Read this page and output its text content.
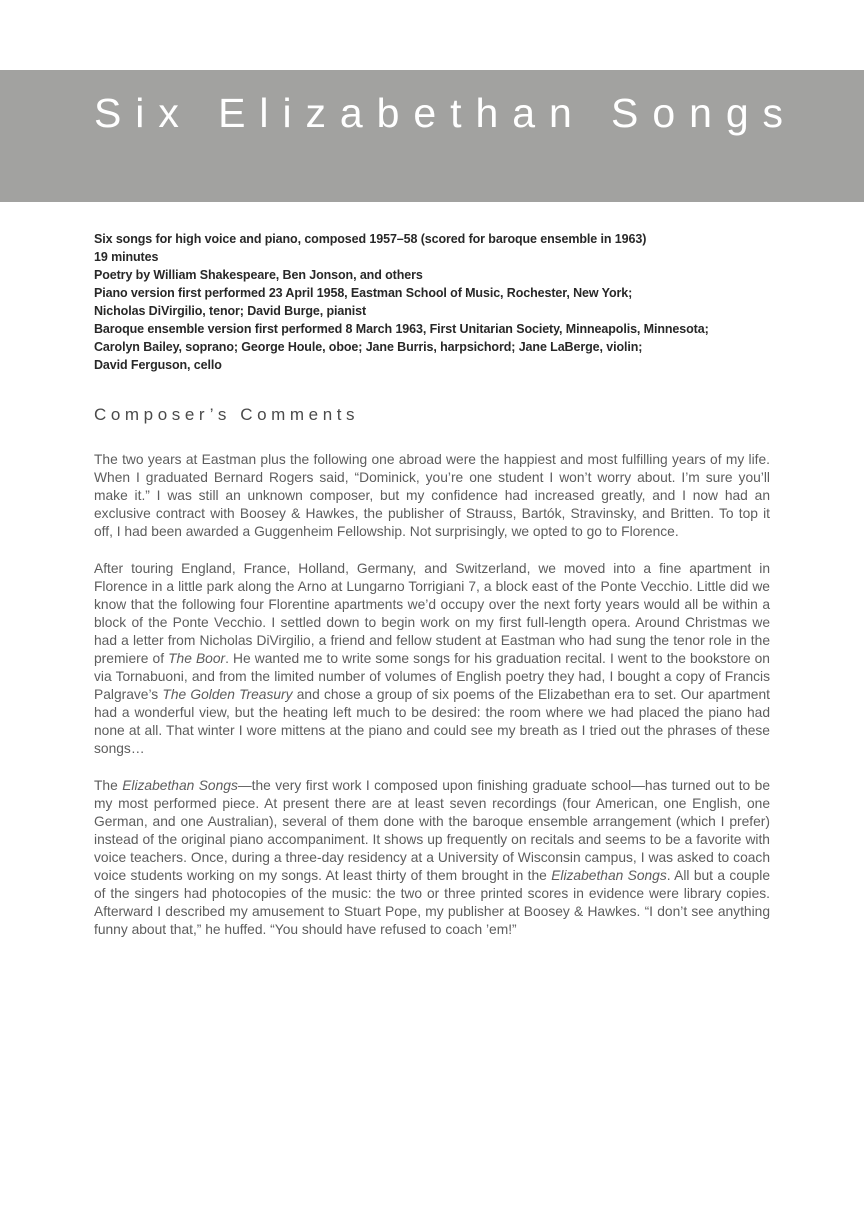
Six Elizabethan Songs
Six songs for high voice and piano, composed 1957–58 (scored for baroque ensemble in 1963)
19 minutes
Poetry by William Shakespeare, Ben Jonson, and others
Piano version first performed 23 April 1958, Eastman School of Music, Rochester, New York;
Nicholas DiVirgilio, tenor; David Burge, pianist
Baroque ensemble version first performed 8 March 1963, First Unitarian Society, Minneapolis, Minnesota;
Carolyn Bailey, soprano; George Houle, oboe; Jane Burris, harpsichord; Jane LaBerge, violin;
David Ferguson, cello
Composer’s Comments

The two years at Eastman plus the following one abroad were the happiest and most fulfilling years of my life. When I graduated Bernard Rogers said, “Dominick, you’re one student I won’t worry about. I’m sure you’ll make it.” I was still an unknown composer, but my confidence had increased greatly, and I now had an exclusive contract with Boosey & Hawkes, the publisher of Strauss, Bartók, Stravinsky, and Britten. To top it off, I had been awarded a Guggenheim Fellowship. Not surprisingly, we opted to go to Florence.

After touring England, France, Holland, Germany, and Switzerland, we moved into a fine apartment in Florence in a little park along the Arno at Lungarno Torrigiani 7, a block east of the Ponte Vecchio. Little did we know that the following four Florentine apartments we’d occupy over the next forty years would all be within a block of the Ponte Vecchio. I settled down to begin work on my first full-length opera. Around Christmas we had a letter from Nicholas DiVirgilio, a friend and fellow student at Eastman who had sung the tenor role in the premiere of The Boor. He wanted me to write some songs for his graduation recital. I went to the bookstore on via Tornabuoni, and from the limited number of volumes of English poetry they had, I bought a copy of Francis Palgrave’s The Golden Treasury and chose a group of six poems of the Elizabethan era to set. Our apartment had a wonderful view, but the heating left much to be desired: the room where we had placed the piano had none at all. That winter I wore mittens at the piano and could see my breath as I tried out the phrases of these songs…

The Elizabethan Songs—the very first work I composed upon finishing graduate school—has turned out to be my most performed piece. At present there are at least seven recordings (four American, one English, one German, and one Australian), several of them done with the baroque ensemble arrangement (which I prefer) instead of the original piano accompaniment. It shows up frequently on recitals and seems to be a favorite with voice teachers. Once, during a three-day residency at a University of Wisconsin campus, I was asked to coach voice students working on my songs. At least thirty of them brought in the Elizabethan Songs. All but a couple of the singers had photocopies of the music: the two or three printed scores in evidence were library copies. Afterward I described my amusement to Stuart Pope, my publisher at Boosey & Hawkes. “I don’t see anything funny about that,” he huffed. “You should have refused to coach ’em!”
